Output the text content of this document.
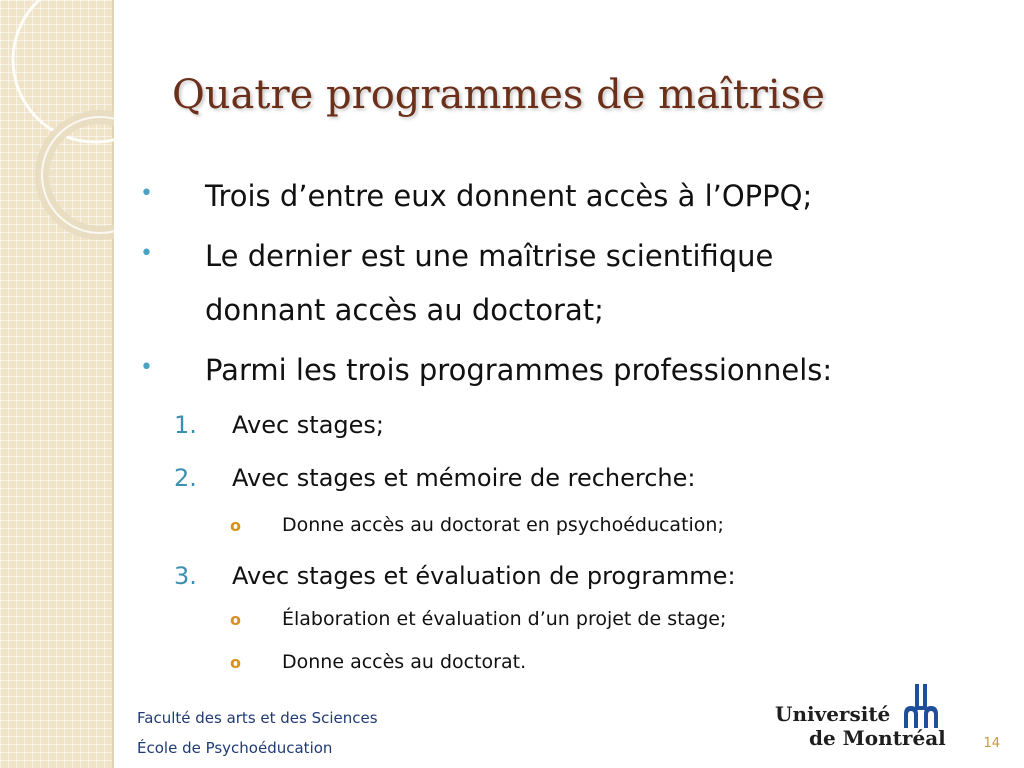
Quatre programmes de maîtrise
• Trois d’entre eux donnent accès à l’OPPQ;
• Le dernier est une maîtrise scientifique
donnant accès au doctorat;
• Parmi les trois programmes professionnels:
1. Avec stages;
2. Avec stages et mémoire de recherche:
o Donne accès au doctorat en psychoéducation;
3. Avec stages et évaluation de programme:
o Élaboration et évaluation d’un projet de stage;
o Donne accès au doctorat.
Faculté des arts et des Sciences
École de Psychoéducation
Université
de Montréal	14
